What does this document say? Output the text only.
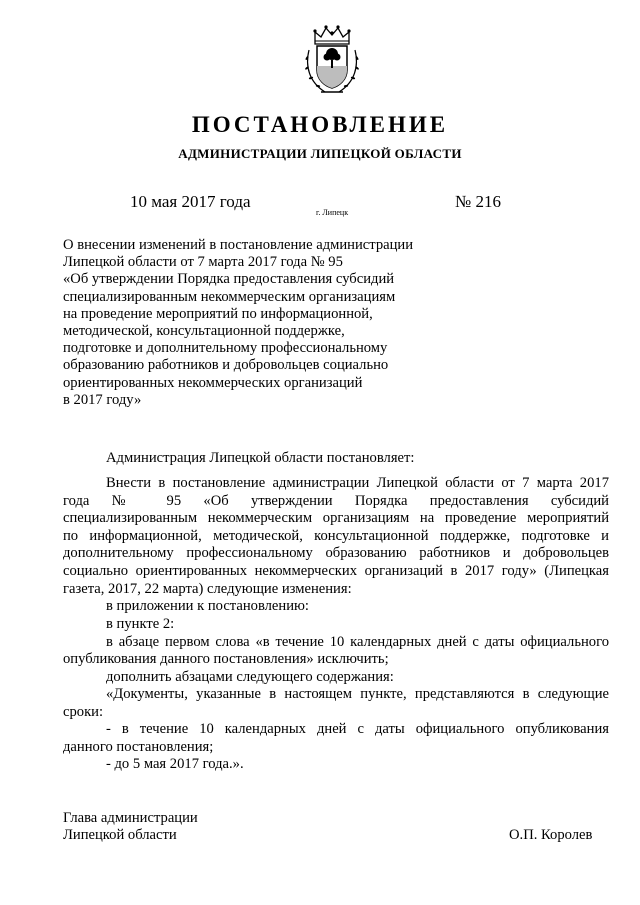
ПОСТАНОВЛЕНИЕ
АДМИНИСТРАЦИИ ЛИПЕЦКОЙ ОБЛАСТИ
10 мая 2017 года
г. Липецк
№ 216
О внесении изменений в постановление администрации
Липецкой области от 7 марта 2017 года № 95
«Об утверждении Порядка предоставления субсидий
специализированным некоммерческим организациям
на проведение мероприятий по информационной,
методической, консультационной поддержке,
подготовке и дополнительному профессиональному
образованию работников и добровольцев социально
ориентированных некоммерческих организаций
в 2017 году»
Администрация Липецкой области постановляет:
Внести в постановление администрации Липецкой области от 7 марта 2017
года № 95 «Об утверждении Порядка предоставления субсидий
специализированным некоммерческим организациям на проведение мероприятий
по информационной, методической, консультационной поддержке, подготовке и
дополнительному профессиональному образованию работников и добровольцев
социально ориентированных некоммерческих организаций в 2017 году» (Липецкая
газета, 2017, 22 марта) следующие изменения:
в приложении к постановлению:
в пункте 2:
в абзаце первом слова «в течение 10 календарных дней с даты официального
опубликования данного постановления» исключить;
дополнить абзацами следующего содержания:
«Документы, указанные в настоящем пункте, представляются в следующие
сроки:
- в течение 10 календарных дней с даты официального опубликования
данного постановления;
- до 5 мая 2017 года.».
Глава администрации
Липецкой области	О.П. Королев
